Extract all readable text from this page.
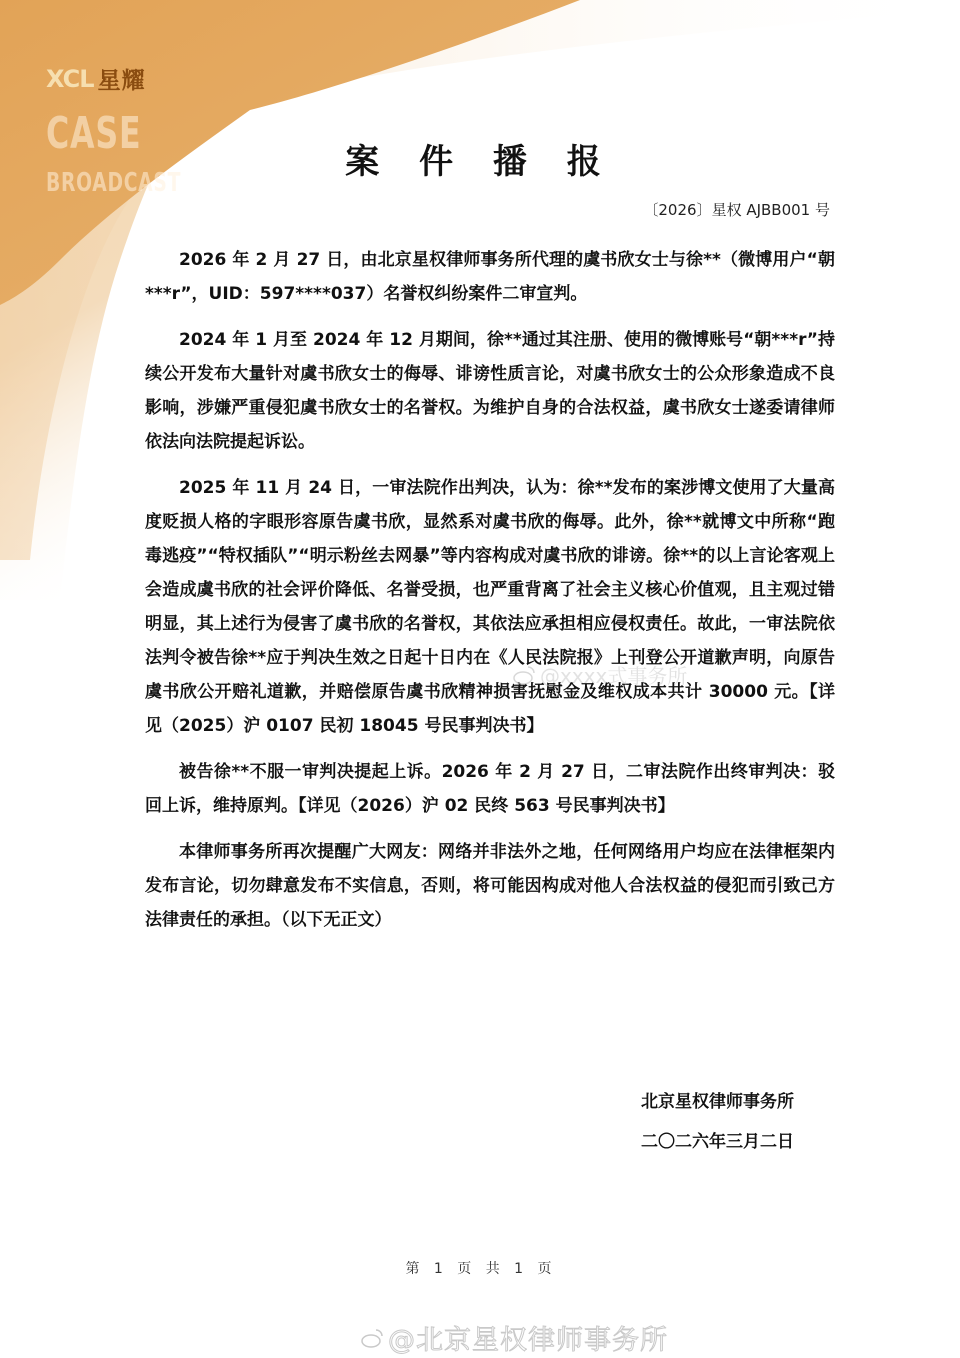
XCL 星耀
CASE
BROADCAST
案 件 播 报
〔2026〕星权 AJBB001 号

2026 年 2 月 27 日，由北京星权律师事务所代理的虞书欣女士与徐**（微博用户“朝***r”，UID：597****037）名誉权纠纷案件二审宣判。

2024 年 1 月至 2024 年 12 月期间，徐**通过其注册、使用的微博账号“朝***r”持续公开发布大量针对虞书欣女士的侮辱、诽谤性质言论，对虞书欣女士的公众形象造成不良影响，涉嫌严重侵犯虞书欣女士的名誉权。为维护自身的合法权益，虞书欣女士遂委请律师依法向法院提起诉讼。

2025 年 11 月 24 日，一审法院作出判决，认为：徐**发布的案涉博文使用了大量高度贬损人格的字眼形容原告虞书欣，显然系对虞书欣的侮辱。此外，徐**就博文中所称“跑毒逃疫”“特权插队”“明示粉丝去网暴”等内容构成对虞书欣的诽谤。徐**的以上言论客观上会造成虞书欣的社会评价降低、名誉受损，也严重背离了社会主义核心价值观，且主观过错明显，其上述行为侵害了虞书欣的名誉权，其依法应承担相应侵权责任。故此，一审法院依法判令被告徐**应于判决生效之日起十日内在《人民法院报》上刊登公开道歉声明，向原告虞书欣公开赔礼道歉，并赔偿原告虞书欣精神损害抚慰金及维权成本共计 30000 元。【详见（2025）沪 0107 民初 18045 号民事判决书】

被告徐**不服一审判决提起上诉。2026 年 2 月 27 日，二审法院作出终审判决：驳回上诉，维持原判。【详见（2026）沪 02 民终 563 号民事判决书】

本律师事务所再次提醒广大网友：网络并非法外之地，任何网络用户均应在法律框架内发布言论，切勿肆意发布不实信息，否则，将可能因构成对他人合法权益的侵犯而引致己方法律责任的承担。（以下无正文）

北京星权律师事务所
二〇二六年三月二日
第 1 页 共 1 页
@xxxx式事务所
@北京星权律师事务所
